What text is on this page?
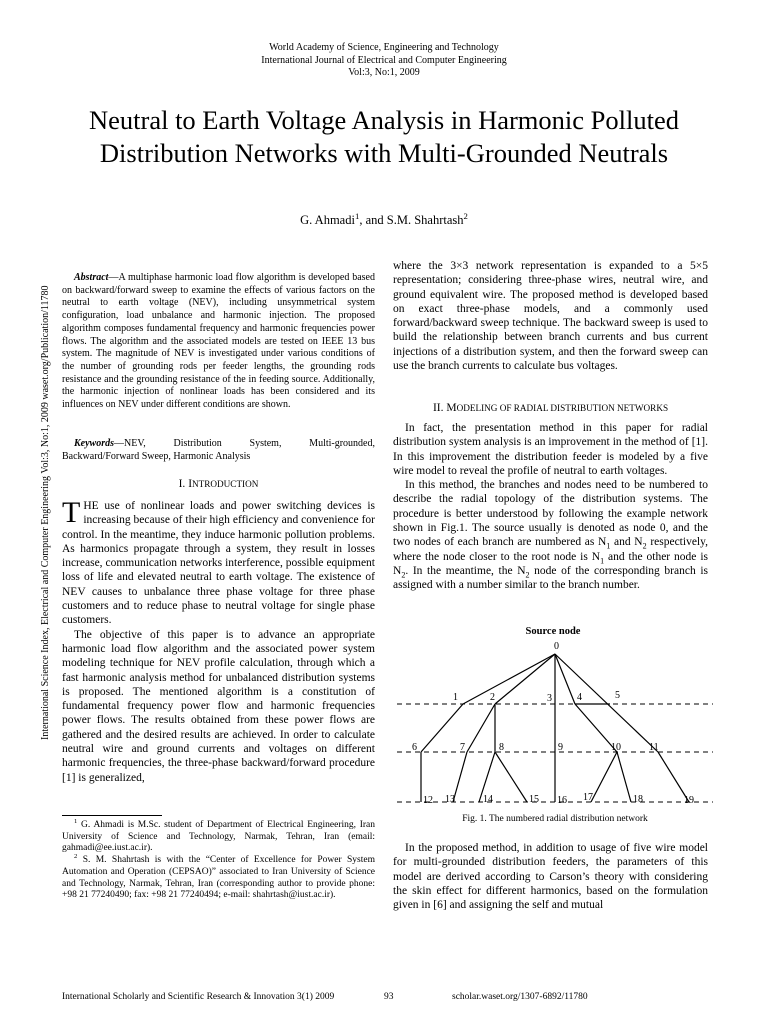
World Academy of Science, Engineering and Technology
International Journal of Electrical and Computer Engineering
Vol:3, No:1, 2009
Neutral to Earth Voltage Analysis in Harmonic Polluted Distribution Networks with Multi-Grounded Neutrals
G. Ahmadi$^1$, and S.M. Shahrtash$^2$
International Science Index, Electrical and Computer Engineering Vol:3, No:1, 2009 waset.org/Publication/11780

Abstract—A multiphase harmonic load flow algorithm is developed based on backward/forward sweep to examine the effects of various factors on the neutral to earth voltage (NEV), including unsymmetrical system configuration, load unbalance and harmonic injection. The proposed algorithm composes fundamental frequency and harmonic frequencies power flows. The algorithm and the associated models are tested on IEEE 13 bus system. The magnitude of NEV is investigated under various conditions of the number of grounding rods per feeder lengths, the grounding rods resistance and the grounding resistance of the in feeding source. Additionally, the harmonic injection of nonlinear loads has been considered and its influences on NEV under different conditions are shown.

Keywords—NEV, Distribution System, Multi-grounded, Backward/Forward Sweep, Harmonic Analysis

I. INTRODUCTION

THE use of nonlinear loads and power switching devices is increasing because of their high efficiency and convenience for control. In the meantime, they induce harmonic pollution problems. As harmonics propagate through a system, they result in losses increase, communication networks interference, possible equipment loss of life and elevated neutral to earth voltage. The existence of NEV causes to unbalance three phase voltage for three phase customers and to reduce phase to neutral voltage for single phase customers.

The objective of this paper is to advance an appropriate harmonic load flow algorithm and the associated power system modeling technique for NEV profile calculation, through which a fast harmonic analysis method for unbalanced distribution systems is proposed. The mentioned algorithm is a constitution of fundamental frequency power flow and harmonic frequencies power flows. The results obtained from these power flows are gathered and the desired results are achieved. In order to calculate neutral wire and ground currents and voltages on different harmonic frequencies, the three-phase backward/forward procedure [1] is generalized,

$^1$ G. Ahmadi is M.Sc. student of Department of Electrical Engineering, Iran University of Science and Technology, Narmak, Tehran, Iran (email: gahmadi@ee.iust.ac.ir).

$^2$ S. M. Shahrtash is with the “Center of Excellence for Power System Automation and Operation (CEPSAO)” associated to Iran University of Science and Technology, Narmak, Tehran, Iran (corresponding author to provide phone: +98 21 77240490; fax: +98 21 77240494; e-mail: shahrtash@iust.ac.ir).

where the 3×3 network representation is expanded to a 5×5 representation; considering three-phase wires, neutral wire, and ground equivalent wire. The proposed method is developed based on exact three-phase models, and a commonly used forward/backward sweep technique. The backward sweep is used to build the relationship between branch currents and bus current injections of a distribution system, and then the forward sweep can use the branch currents to calculate bus voltages.

II. MODELING OF RADIAL DISTRIBUTION NETWORKS

In fact, the presentation method in this paper for radial distribution system analysis is an improvement in the method of [1]. In this improvement the distribution feeder is modeled by a five wire model to reveal the profile of neutral to earth voltages.

In this method, the branches and nodes need to be numbered to describe the radial topology of the distribution systems. The procedure is better understood by following the example network shown in Fig.1. The source usually is denoted as node 0, and the two nodes of each branch are numbered as $N_1$ and $N_2$ respectively, where the node closer to the root node is $N_1$ and the other node is $N_2$. In the meantime, the $N_2$ node of the corresponding branch is assigned with a number similar to the branch number.

Source node
0
1	2	3	4	5
6	7	8	9	10	11
12 13	14	15 16 17	18	19
Fig. 1. The numbered radial distribution network

In the proposed method, in addition to usage of five wire model for multi-grounded distribution feeders, the parameters of this model are derived according to Carson’s theory with considering the skin effect for different harmonics, based on the formulation given in [6] and assigning the self and mutual

International Scholarly and Scientific Research & Innovation 3(1) 2009	93	scholar.waset.org/1307-6892/11780
